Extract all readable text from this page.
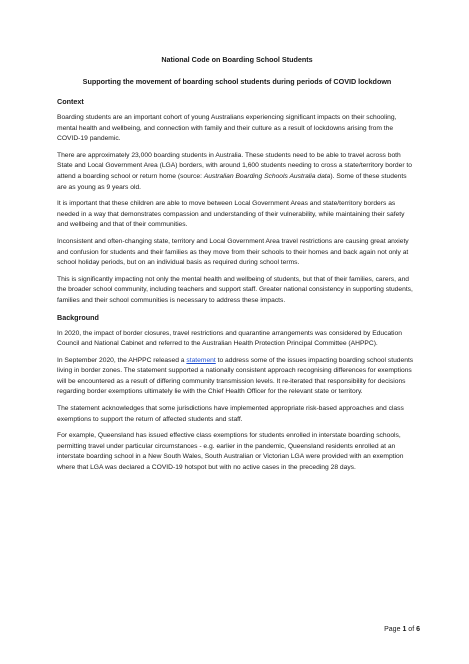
National Code on Boarding School Students
Supporting the movement of boarding school students during periods of COVID lockdown
Context

Boarding students are an important cohort of young Australians experiencing significant impacts on their schooling, mental health and wellbeing, and connection with family and their culture as a result of lockdowns arising from the COVID-19 pandemic.

There are approximately 23,000 boarding students in Australia. These students need to be able to travel across both State and Local Government Area (LGA) borders, with around 1,600 students needing to cross a state/territory border to attend a boarding school or return home (source: Australian Boarding Schools Australia data). Some of these students are as young as 9 years old.

It is important that these children are able to move between Local Government Areas and state/territory borders as needed in a way that demonstrates compassion and understanding of their vulnerability, while maintaining their safety and wellbeing and that of their communities.

Inconsistent and often-changing state, territory and Local Government Area travel restrictions are causing great anxiety and confusion for students and their families as they move from their schools to their homes and back again not only at school holiday periods, but on an individual basis as required during school terms.

This is significantly impacting not only the mental health and wellbeing of students, but that of their families, carers, and the broader school community, including teachers and support staff. Greater national consistency in supporting students, families and their school communities is necessary to address these impacts.

Background

In 2020, the impact of border closures, travel restrictions and quarantine arrangements was considered by Education Council and National Cabinet and referred to the Australian Health Protection Principal Committee (AHPPC).

In September 2020, the AHPPC released a statement to address some of the issues impacting boarding school students living in border zones. The statement supported a nationally consistent approach recognising differences for exemptions will be encountered as a result of differing community transmission levels. It re-iterated that responsibility for decisions regarding border exemptions ultimately lie with the Chief Health Officer for the relevant state or territory.

The statement acknowledges that some jurisdictions have implemented appropriate risk-based approaches and class exemptions to support the return of affected students and staff.

For example, Queensland has issued effective class exemptions for students enrolled in interstate boarding schools, permitting travel under particular circumstances - e.g. earlier in the pandemic, Queensland residents enrolled at an interstate boarding school in a New South Wales, South Australian or Victorian LGA were provided with an exemption where that LGA was declared a COVID-19 hotspot but with no active cases in the preceding 28 days.

Page 1 of 6
